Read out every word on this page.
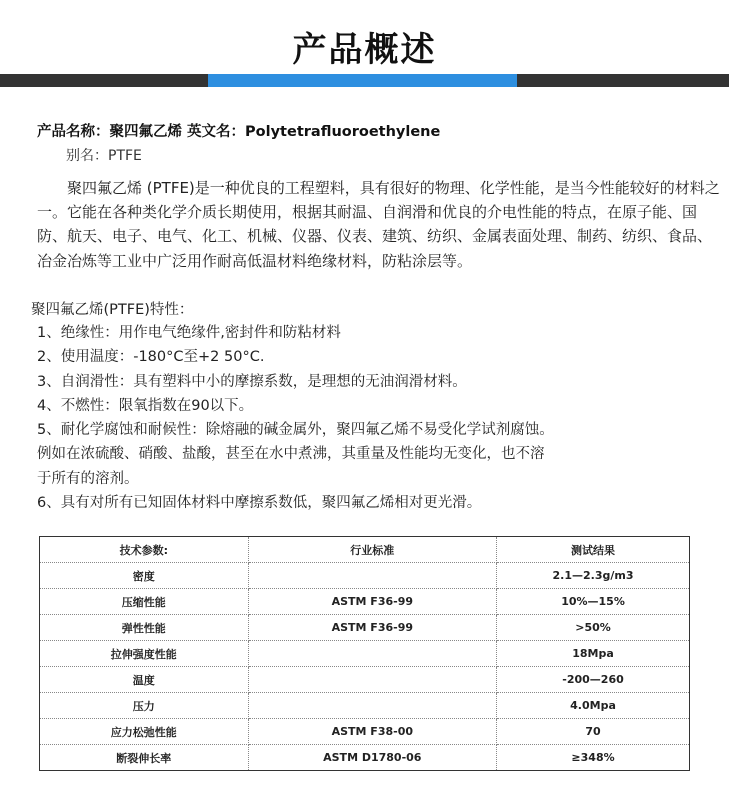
产品概述
产品名称：聚四氟乙烯 英文名：Polytetrafluoroethylene
别名：PTFE

聚四氟乙烯 (PTFE)是一种优良的工程塑料，具有很好的物理、化学性能，是当今性能较好的材料之一。它能在各种类化学介质长期使用，根据其耐温、自润滑和优良的介电性能的特点，在原子能、国防、航天、电子、电气、化工、机械、仪器、仪表、建筑、纺织、金属表面处理、制药、纺织、食品、冶金冶炼等工业中广泛用作耐高低温材料绝缘材料，防粘涂层等。

聚四氟乙烯(PTFE)特性：
1、绝缘性：用作电气绝缘件,密封件和防粘材料
2、使用温度：-180°C至+2 50°C.
3、自润滑性：具有塑料中小的摩擦系数，是理想的无油润滑材料。
4、不燃性：限氧指数在90以下。
5、耐化学腐蚀和耐候性：除熔融的碱金属外，聚四氟乙烯不易受化学试剂腐蚀。
例如在浓硫酸、硝酸、盐酸，甚至在水中煮沸，其重量及性能均无变化，也不溶
于所有的溶剂。
6、具有对所有已知固体材料中摩擦系数低，聚四氟乙烯相对更光滑。
技术参数:	行业标准	测试结果
密度		2.1—2.3g/m3
压缩性能	ASTM F36-99	10%—15%
弹性性能	ASTM F36-99	>50%
拉伸强度性能		18Mpa
温度		-200—260
压力		4.0Mpa
应力松弛性能	ASTM F38-00	70
断裂伸长率	ASTM D1780-06	≥348%
